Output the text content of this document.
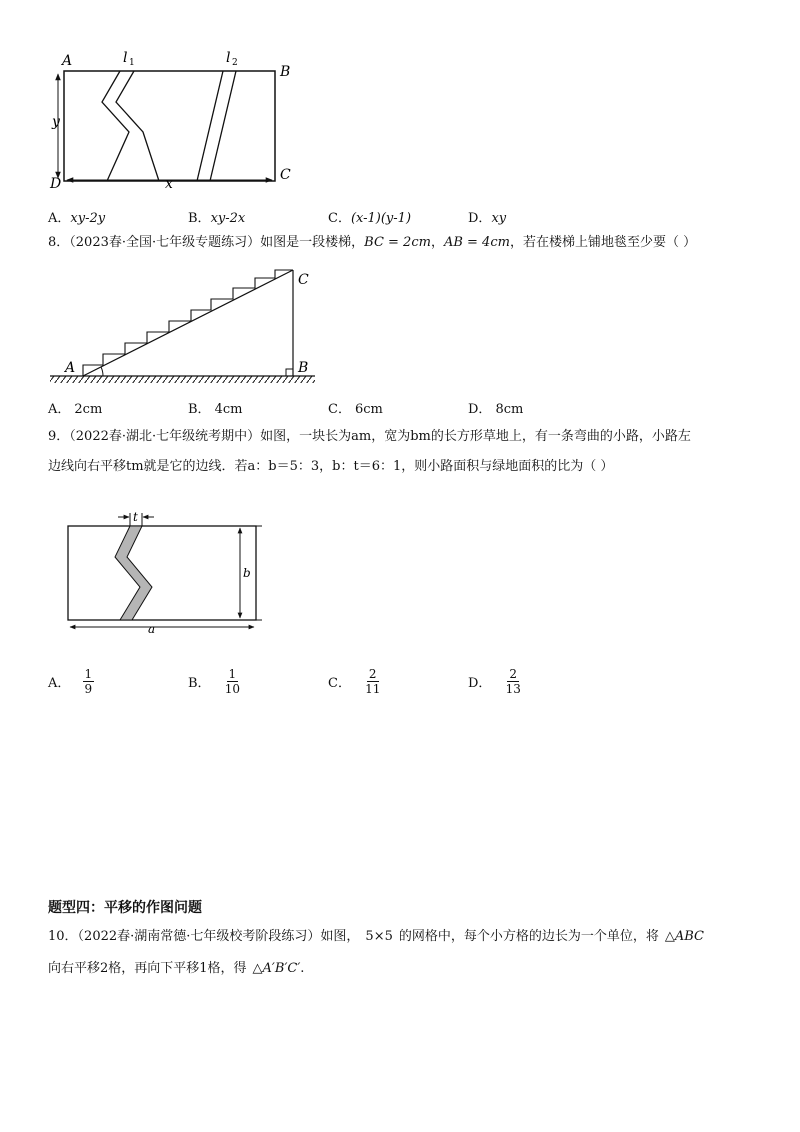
A
B
C
D
l 1	l 2
y
x
A．xy-2y	B．xy-2x	C．(x-1)(y-1)	D．xy
8．（2023春·全国·七年级专题练习）如图是一段楼梯，BC = 2cm，AB = 4cm，若在楼梯上铺地毯至少要（ ）
A	B
C
A． 2cm	B． 4cm	C． 6cm	D． 8cm
9．（2022春·湖北·七年级统考期中）如图，一块长为am，宽为bm的长方形草地上，有一条弯曲的小路，小路左
边线向右平移tm就是它的边线．若a：b＝5：3，b：t＝6：1，则小路面积与绿地面积的比为（ ）
t
b
a
A． $\frac{1}{9}$	B． $\frac{1}{10}$	C． $\frac{2}{11}$	D． $\frac{2}{13}$
题型四：平移的作图问题
10．（2022春·湖南常德·七年级校考阶段练习）如图， 5×5 的网格中，每个小方格的边长为一个单位，将 △ABC
向右平移2格，再向下平移1格，得 △A′B′C′.
